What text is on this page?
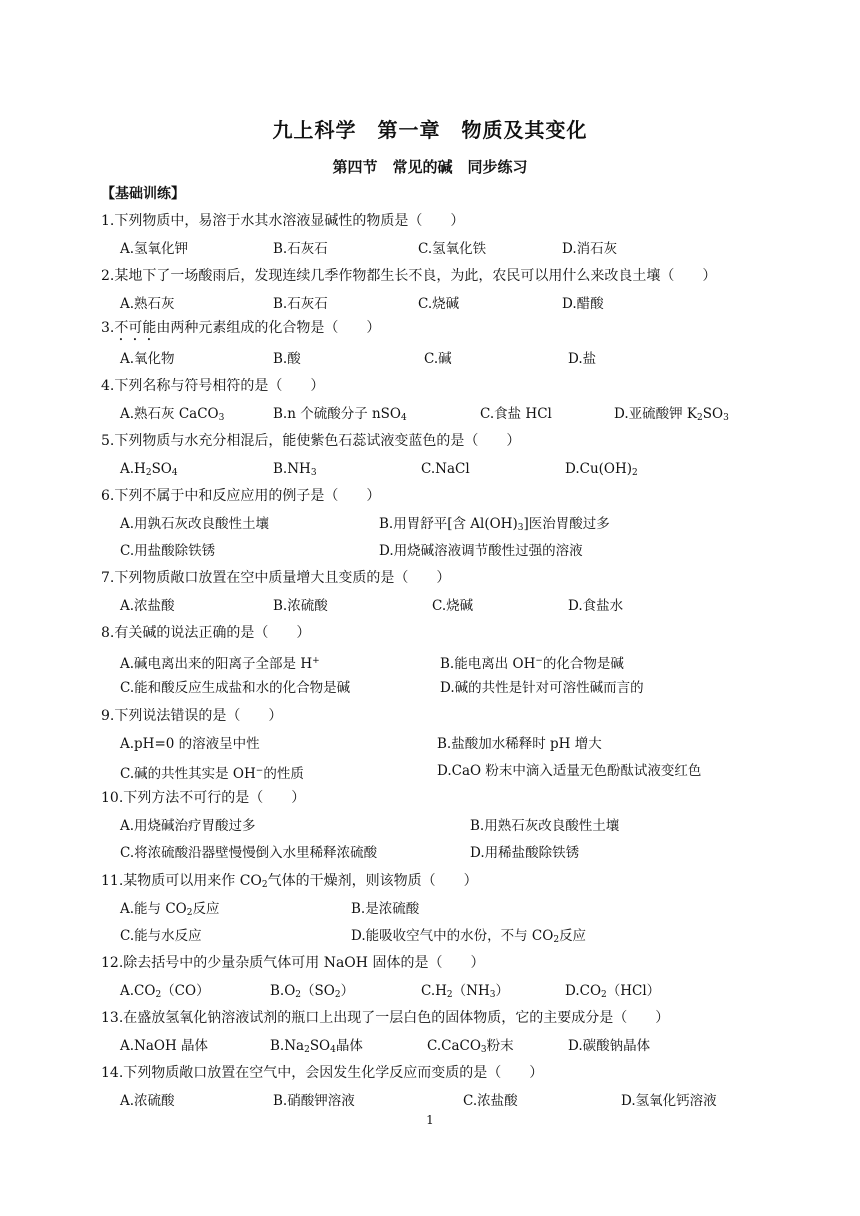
九上科学　第一章　物质及其变化
第四节　常见的碱　同步练习
【基础训练】
1.下列物质中，易溶于水其水溶液显碱性的物质是（　　）
A.氢氧化钾	B.石灰石	C.氢氧化铁	D.消石灰
2.某地下了一场酸雨后，发现连续几季作物都生长不良，为此，农民可以用什么来改良土壤（　　）
A.熟石灰	B.石灰石	C.烧碱	D.醋酸
3.不可能由两种元素组成的化合物是（　　）
A.氧化物	B.酸	C.碱	D.盐
4.下列名称与符号相符的是（　　）
A.熟石灰 CaCO$_3$	B.n 个硫酸分子 nSO$_4$	C.食盐 HCl	D.亚硫酸钾 $K_2SO_3$
5.下列物质与水充分相混后，能使紫色石蕊试液变蓝色的是（　　）
$A.H_2SO_4$	$B.NH_3$	C.NaCl	$D.Cu(OH)_2$
6.下列不属于中和反应应用的例子是（　　）
A.用孰石灰改良酸性土壤	B.用胃舒平[含 $Al(OH)_3$]医治胃酸过多
C.用盐酸除铁锈	D.用烧碱溶液调节酸性过强的溶液
7.下列物质敞口放置在空中质量增大且变质的是（　　）
A.浓盐酸	B.浓硫酸	C.烧碱	D.食盐水
8.有关碱的说法正确的是（　　）
A.碱电离出来的阳离子全部是 H+	B.能电离出 OH−的化合物是碱
C.能和酸反应生成盐和水的化合物是碱	D.碱的共性是针对可溶性碱而言的
9.下列说法错误的是（　　）
A.pH=0 的溶液呈中性	B.盐酸加水稀释时 pH 增大
C.碱的共性其实是 OH−的性质	D.CaO 粉末中滴入适量无色酚酞试液变红色
10.下列方法不可行的是（　　）
A.用烧碱治疗胃酸过多	B.用熟石灰改良酸性土壤
C.将浓硫酸沿器壁慢慢倒入水里稀释浓硫酸	D.用稀盐酸除铁锈
11.某物质可以用来作 $CO_2$气体的干燥剂，则该物质（　　）
A.能与 $CO_2$反应	B.是浓硫酸
C.能与水反应	D.能吸收空气中的水份，不与 $CO_2$反应
12.除去括号中的少量杂质气体可用 NaOH 固体的是（　　）
$A.CO_2(CO)$	$B.O_2(SO_2)$	$C.H_2(NH_3)$	$D.CO_2(HCl)$
13.在盛放氢氧化钠溶液试剂的瓶口上出现了一层白色的固体物质，它的主要成分是（　　）
A.NaOH 晶体	$B.Na_2SO_4$晶体	C.CaCO$_3$粉末	D.碳酸钠晶体
14.下列物质敞口放置在空气中，会因发生化学反应而变质的是（　　）
A.浓硫酸	B.硝酸钾溶液	C.浓盐酸	D.氢氧化钙溶液
1
